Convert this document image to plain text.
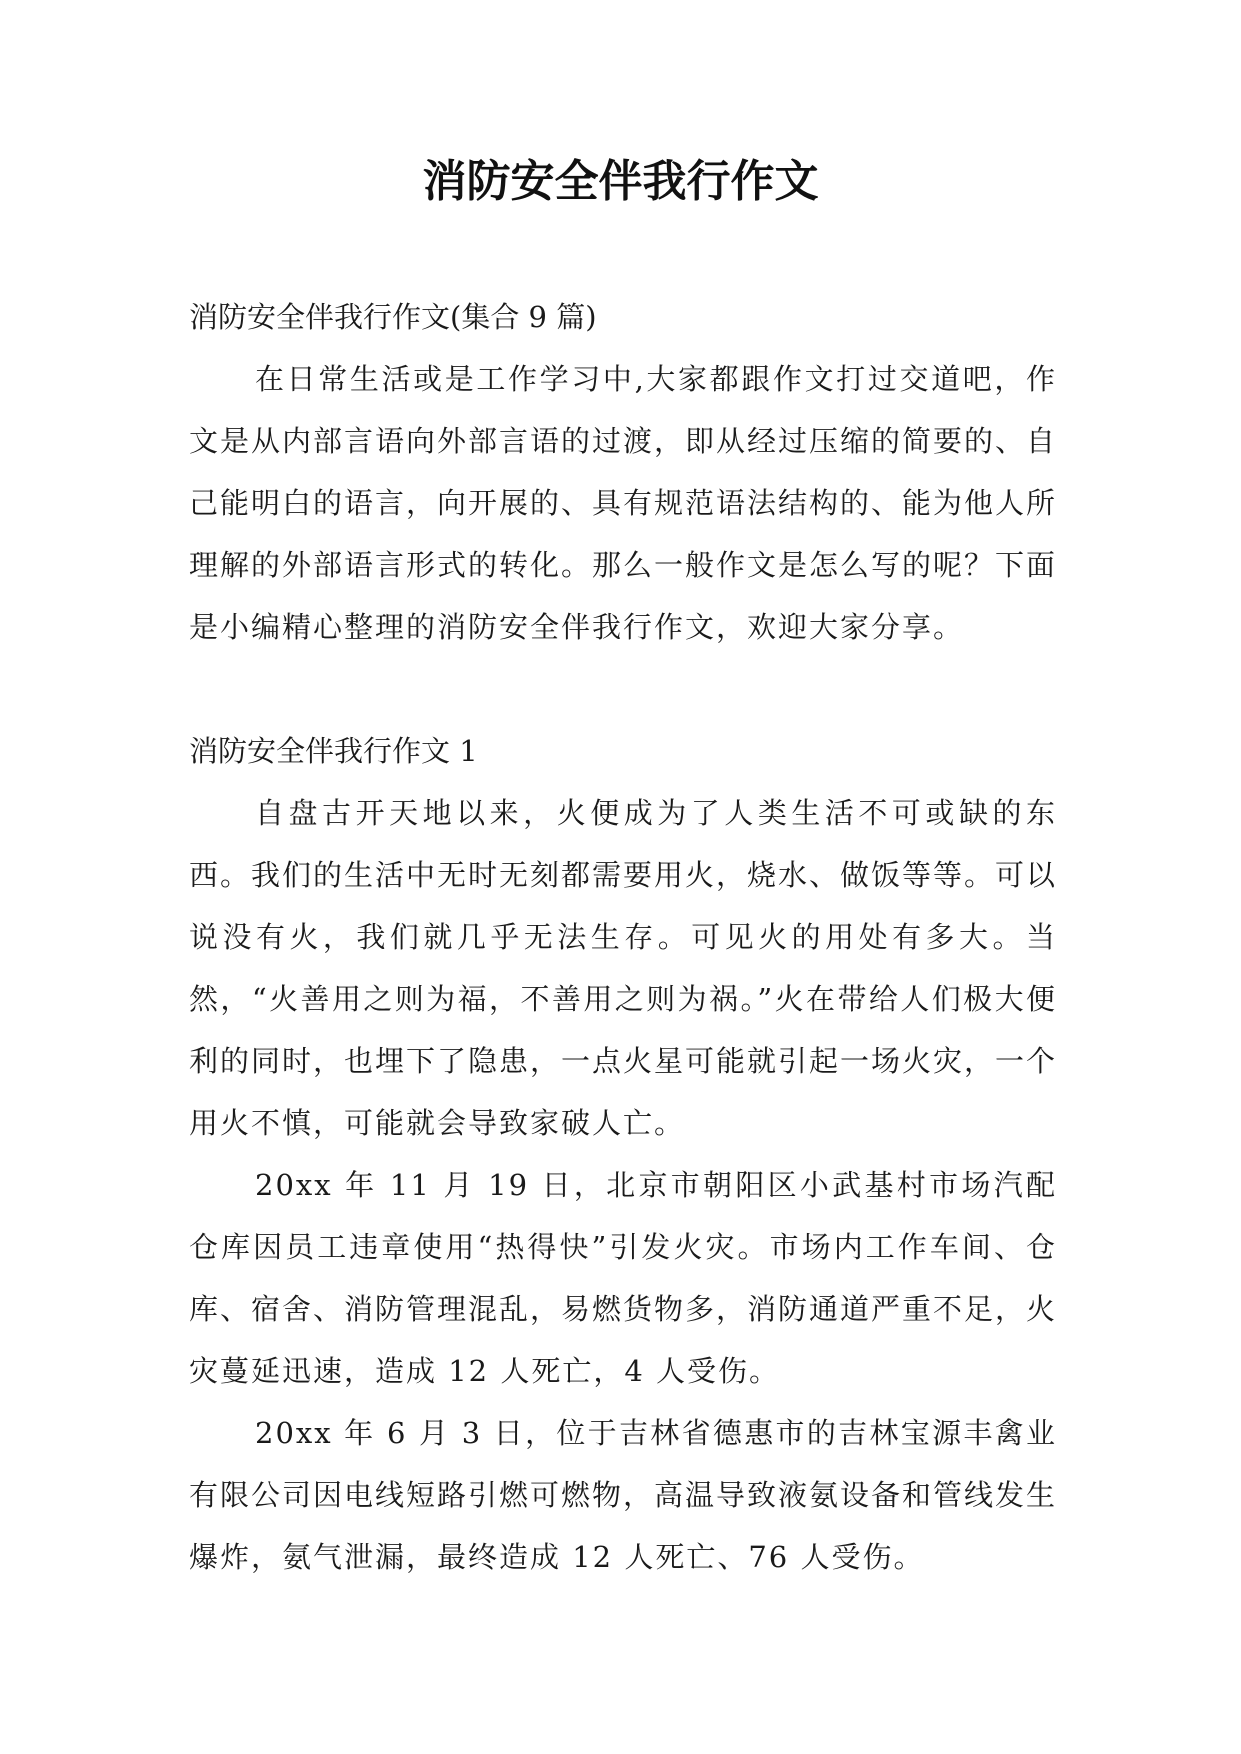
消防安全伴我行作文

消防安全伴我行作文(集合 9 篇)

在日常生活或是工作学习中,大家都跟作文打过交道吧，作文是从内部言语向外部言语的过渡，即从经过压缩的简要的、自己能明白的语言，向开展的、具有规范语法结构的、能为他人所理解的外部语言形式的转化。那么一般作文是怎么写的呢？下面是小编精心整理的消防安全伴我行作文，欢迎大家分享。

消防安全伴我行作文 1

自盘古开天地以来，火便成为了人类生活不可或缺的东西。我们的生活中无时无刻都需要用火，烧水、做饭等等。可以说没有火，我们就几乎无法生存。可见火的用处有多大。当然，“火善用之则为福，不善用之则为祸。”火在带给人们极大便利的同时，也埋下了隐患，一点火星可能就引起一场火灾，一个用火不慎，可能就会导致家破人亡。

20xx 年 11 月 19 日，北京市朝阳区小武基村市场汽配仓库因员工违章使用“热得快”引发火灾。市场内工作车间、仓库、宿舍、消防管理混乱，易燃货物多，消防通道严重不足，火灾蔓延迅速，造成 12 人死亡，4 人受伤。

20xx 年 6 月 3 日，位于吉林省德惠市的吉林宝源丰禽业有限公司因电线短路引燃可燃物，高温导致液氨设备和管线发生爆炸，氨气泄漏，最终造成 12 人死亡、76 人受伤。
